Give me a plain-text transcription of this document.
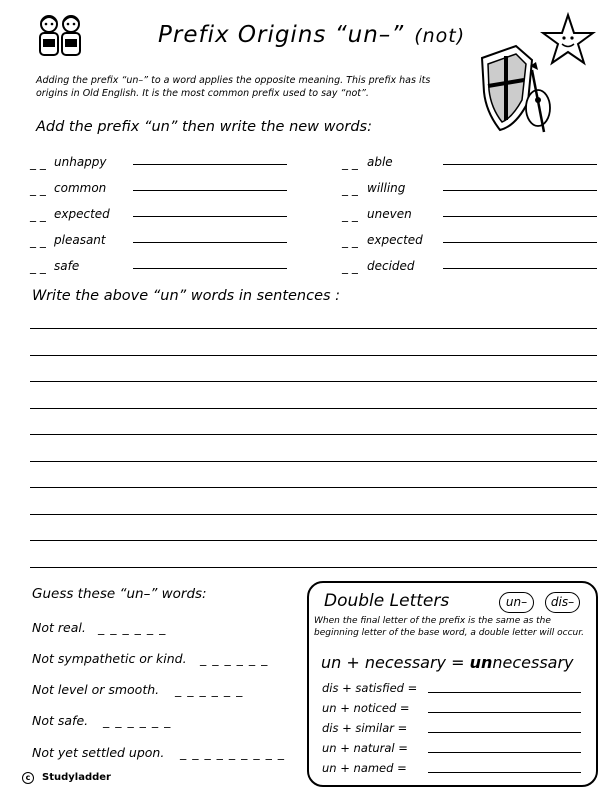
Prefix Origins “un–” (not)
Adding the prefix “un–” to a word applies the opposite meaning. This prefix has its origins in Old English. It is the most common prefix used to say “not”.
Add the prefix “un” then write the new words:
unhappy
_ _
common
_ _
expected
_ _
pleasant
_ _
safe
_ _
_ _ able
_ _ willing
_ _ uneven
_ _ expected
_ _ decided
Write the above “un” words in sentences :
Guess these “un–” words:
Not real. _ _ _ _ _ _
Not sympathetic or kind. _ _ _ _ _ _
Not level or smooth. _ _ _ _ _ _
Not safe. _ _ _ _ _ _
Not yet settled upon. _ _ _ _ _ _ _ _ _
Double Letters	un–	dis–
When the final letter of the prefix is the same as the beginning letter of the base word, a double letter will occur.
un + necessary = unnecessary
dis + satisfied =
un + noticed =
dis + similar =
un + natural =
un + named =
c Studyladder
